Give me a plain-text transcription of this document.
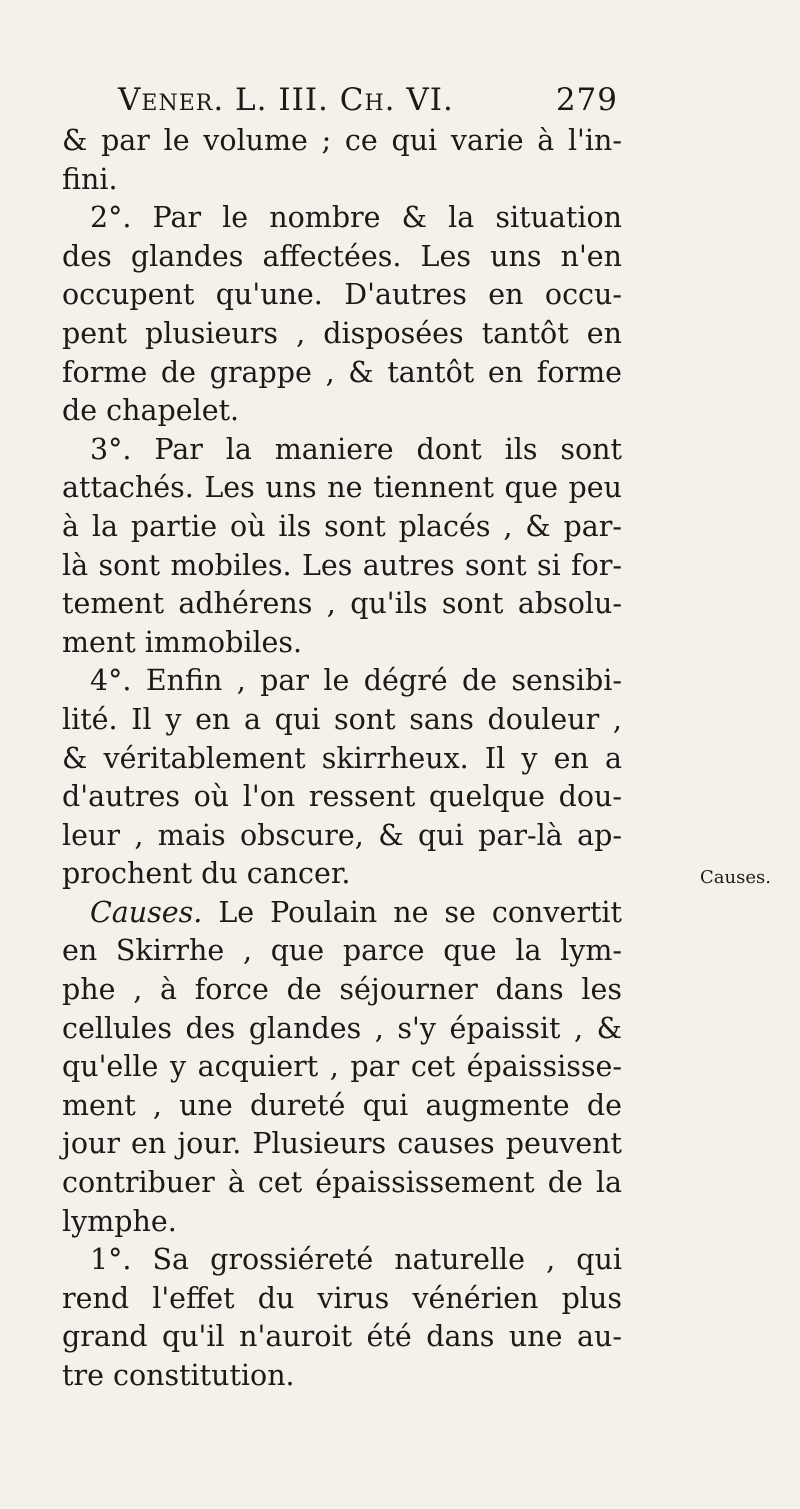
Vener. L. III. Ch. VI.	279
& par le volume ; ce qui varie à l'in-
fini.
2°. Par le nombre & la situation
des glandes affectées. Les uns n'en
occupent qu'une. D'autres en occu-
pent plusieurs , disposées tantôt en
forme de grappe , & tantôt en forme
de chapelet.
3°. Par la maniere dont ils sont
attachés. Les uns ne tiennent que peu
à la partie où ils sont placés , & par-
là sont mobiles. Les autres sont si for-
tement adhérens , qu'ils sont absolu-
ment immobiles.
4°. Enfin , par le dégré de sensibi-
lité. Il y en a qui sont sans douleur ,
& véritablement skirrheux. Il y en a
d'autres où l'on ressent quelque dou-
leur , mais obscure, & qui par-là ap-
prochent du cancer.
Causes. Le Poulain ne se convertit
en Skirrhe , que parce que la lym-
phe , à force de séjourner dans les
cellules des glandes , s'y épaissit , &
qu'elle y acquiert , par cet épaississe-
ment , une dureté qui augmente de
jour en jour. Plusieurs causes peuvent
contribuer à cet épaississement de la
lymphe.
1°. Sa grossiéreté naturelle , qui
rend l'effet du virus vénérien plus
grand qu'il n'auroit été dans une au-
tre constitution.
Causes.
